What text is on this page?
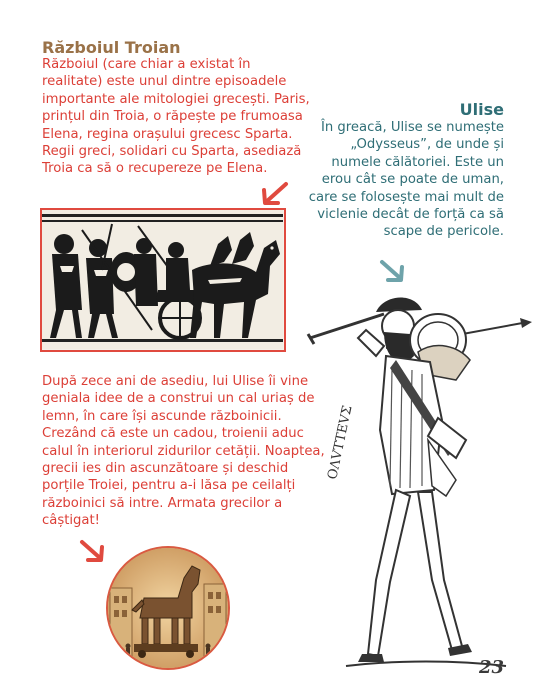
Războiul Troian
Războiul (care chiar a existat în realitate) este unul dintre episoadele importante ale mitologiei grecești. Paris, prințul din Troia, o răpește pe frumoasa Elena, regina orașului grecesc Sparta. Regii greci, solidari cu Sparta, asediază Troia ca să o recupereze pe Elena.
Ulise
În greacă, Ulise se numește „Odysseus”, de unde și numele călătoriei. Este un erou cât se poate de uman, care se folosește mai mult de viclenie decât de forță ca să scape de pericole.
OΛVTTEVΣ
După zece ani de asediu, lui Ulise îi vine geniala idee de a construi un cal uriaș de lemn, în care își ascunde războinicii. Crezând că este un cadou, troienii aduc calul în interiorul zidurilor cetății. Noaptea, grecii ies din ascunzătoare și deschid porțile Troiei, pentru a-i lăsa pe ceilalți războinici să intre. Armata grecilor a câștigat!
23
